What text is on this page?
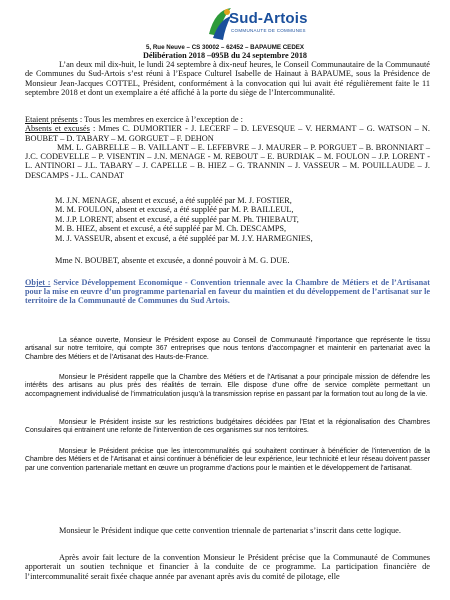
Sud-Artois
COMMUNAUTE DE COMMUNES
5, Rue Neuve – CS 30002 – 62452 – BAPAUME CEDEX
Délibération 2018 –095B du 24 septembre 2018
L’an deux mil dix-huit, le lundi 24 septembre à dix-neuf heures, le Conseil Communautaire de la Communauté de Communes du Sud-Artois s’est réuni à l’Espace Culturel Isabelle de Hainaut à BAPAUME, sous la Présidence de Monsieur Jean-Jacques COTTEL, Président, conformément à la convocation qui lui avait été régulièrement faite le 11 septembre 2018 et dont un exemplaire a été affiché à la porte du siège de l’Intercommunalité.
Etaient présents : Tous les membres en exercice à l’exception de :
Absents et excusés : Mmes C. DUMORTIER - J. LECERF – D. LEVESQUE – V. HERMANT – G. WATSON – N. BOUBET – D. TABARY – M. GORGUET – F. DEHON
MM. L. GABRELLE – B. VAILLANT – E. LEFEBVRE – J. MAURER – P. PORGUET – B. BRONNIART – J.C. CODEVELLE – P. VISENTIN – J.N. MENAGE - M. REBOUT – E. BURDIAK – M. FOULON – J.P. LORENT - L. ANTINORI – J.L. TABARY – J. CAPELLE – B. HIEZ – G. TRANNIN – J. VASSEUR – M. POUILLAUDE – J. DESCAMPS - J.L. CANDAT
M. J.N. MENAGE, absent et excusé, a été suppléé par M. J. FOSTIER,
M. M. FOULON, absent et excusé, a été suppléé par M. P. BAILLEUL,
M. J.P. LORENT, absent et excusé, a été suppléé par M. Ph. THIEBAUT,
M. B. HIEZ, absent et excusé, a été suppléé par M. Ch. DESCAMPS,
M. J. VASSEUR, absent et excusé, a été suppléé par M. J.Y. HARMEGNIES,
Mme N. BOUBET, absente et excusée, a donné pouvoir à M. G. DUE.
Objet : Service Développement Economique - Convention triennale avec la Chambre de Métiers et de l’Artisanat pour la mise en œuvre d’un programme partenarial en faveur du maintien et du développement de l’artisanat sur le territoire de la Communauté de Communes du Sud Artois.
La séance ouverte, Monsieur le Président expose au Conseil de Communauté l’importance que représente le tissu artisanal sur notre territoire, qui compte 367 entreprises que nous tentons d’accompagner et maintenir en partenariat avec la Chambre des Métiers et de l’Artisanat des Hauts-de-France.
Monsieur le Président rappelle que la Chambre des Métiers et de l’Artisanat a pour principale mission de défendre les intérêts des artisans au plus près des réalités de terrain. Elle dispose d’une offre de service complète permettant un accompagnement individualisé de l’immatriculation jusqu’à la transmission reprise en passant par la formation tout au long de la vie.
Monsieur le Président insiste sur les restrictions budgétaires décidées par l’Etat et la régionalisation des Chambres Consulaires qui entrainent une refonte de l’intervention de ces organismes sur nos territoires.
Monsieur le Président précise que les intercommunalités qui souhaitent continuer à bénéficier de l’intervention de la Chambre des Métiers et de l’Artisanat et ainsi continuer à bénéficier de leur expérience, leur technicité et leur réseau doivent passer par une convention partenariale mettant en œuvre un programme d’actions pour le maintien et le développement de l’artisanat.
Monsieur le Président indique que cette convention triennale de partenariat s’inscrit dans cette logique.
Après avoir fait lecture de la convention Monsieur le Président précise que la Communauté de Communes apporterait un soutien technique et financier à la conduite de ce programme. La participation financière de l’intercommunalité serait fixée chaque année par avenant après avis du comité de pilotage, elle
